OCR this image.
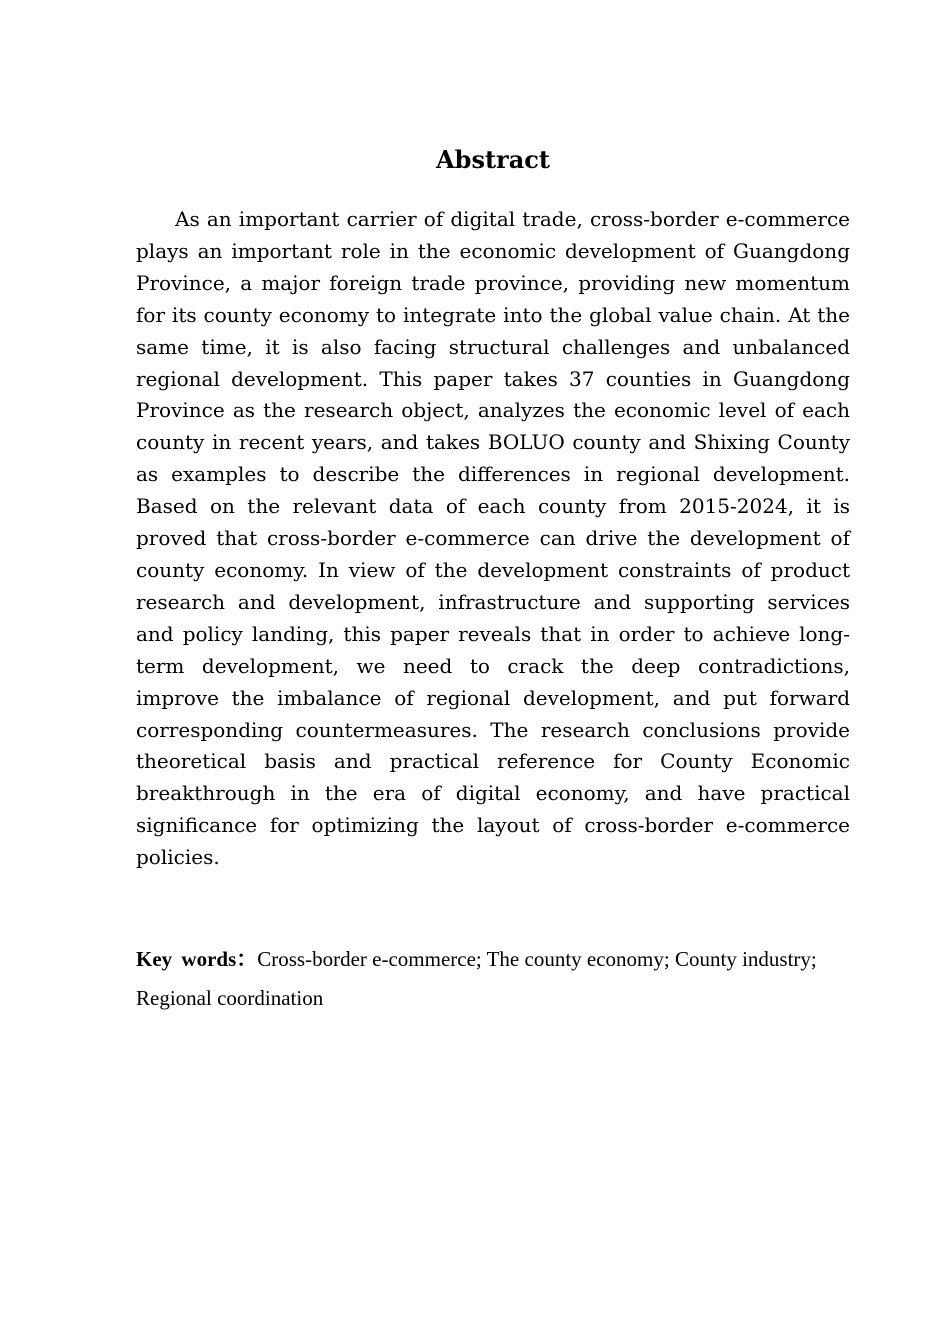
Abstract

As an important carrier of digital trade, cross-border e-commerce plays an important role in the economic development of Guangdong Province, a major foreign trade province, providing new momentum for its county economy to integrate into the global value chain. At the same time, it is also facing structural challenges and unbalanced regional development. This paper takes 37 counties in Guangdong Province as the research object, analyzes the economic level of each county in recent years, and takes BOLUO county and Shixing County as examples to describe the differences in regional development. Based on the relevant data of each county from 2015-2024, it is proved that cross-border e-commerce can drive the development of county economy. In view of the development constraints of product research and development, infrastructure and supporting services and policy landing, this paper reveals that in order to achieve long-term development, we need to crack the deep contradictions, improve the imbalance of regional development, and put forward corresponding countermeasures. The research conclusions provide theoretical basis and practical reference for County Economic breakthrough in the era of digital economy, and have practical significance for optimizing the layout of cross-border e-commerce policies.

Key words：Cross-border e-commerce; The county economy; County industry; Regional coordination
